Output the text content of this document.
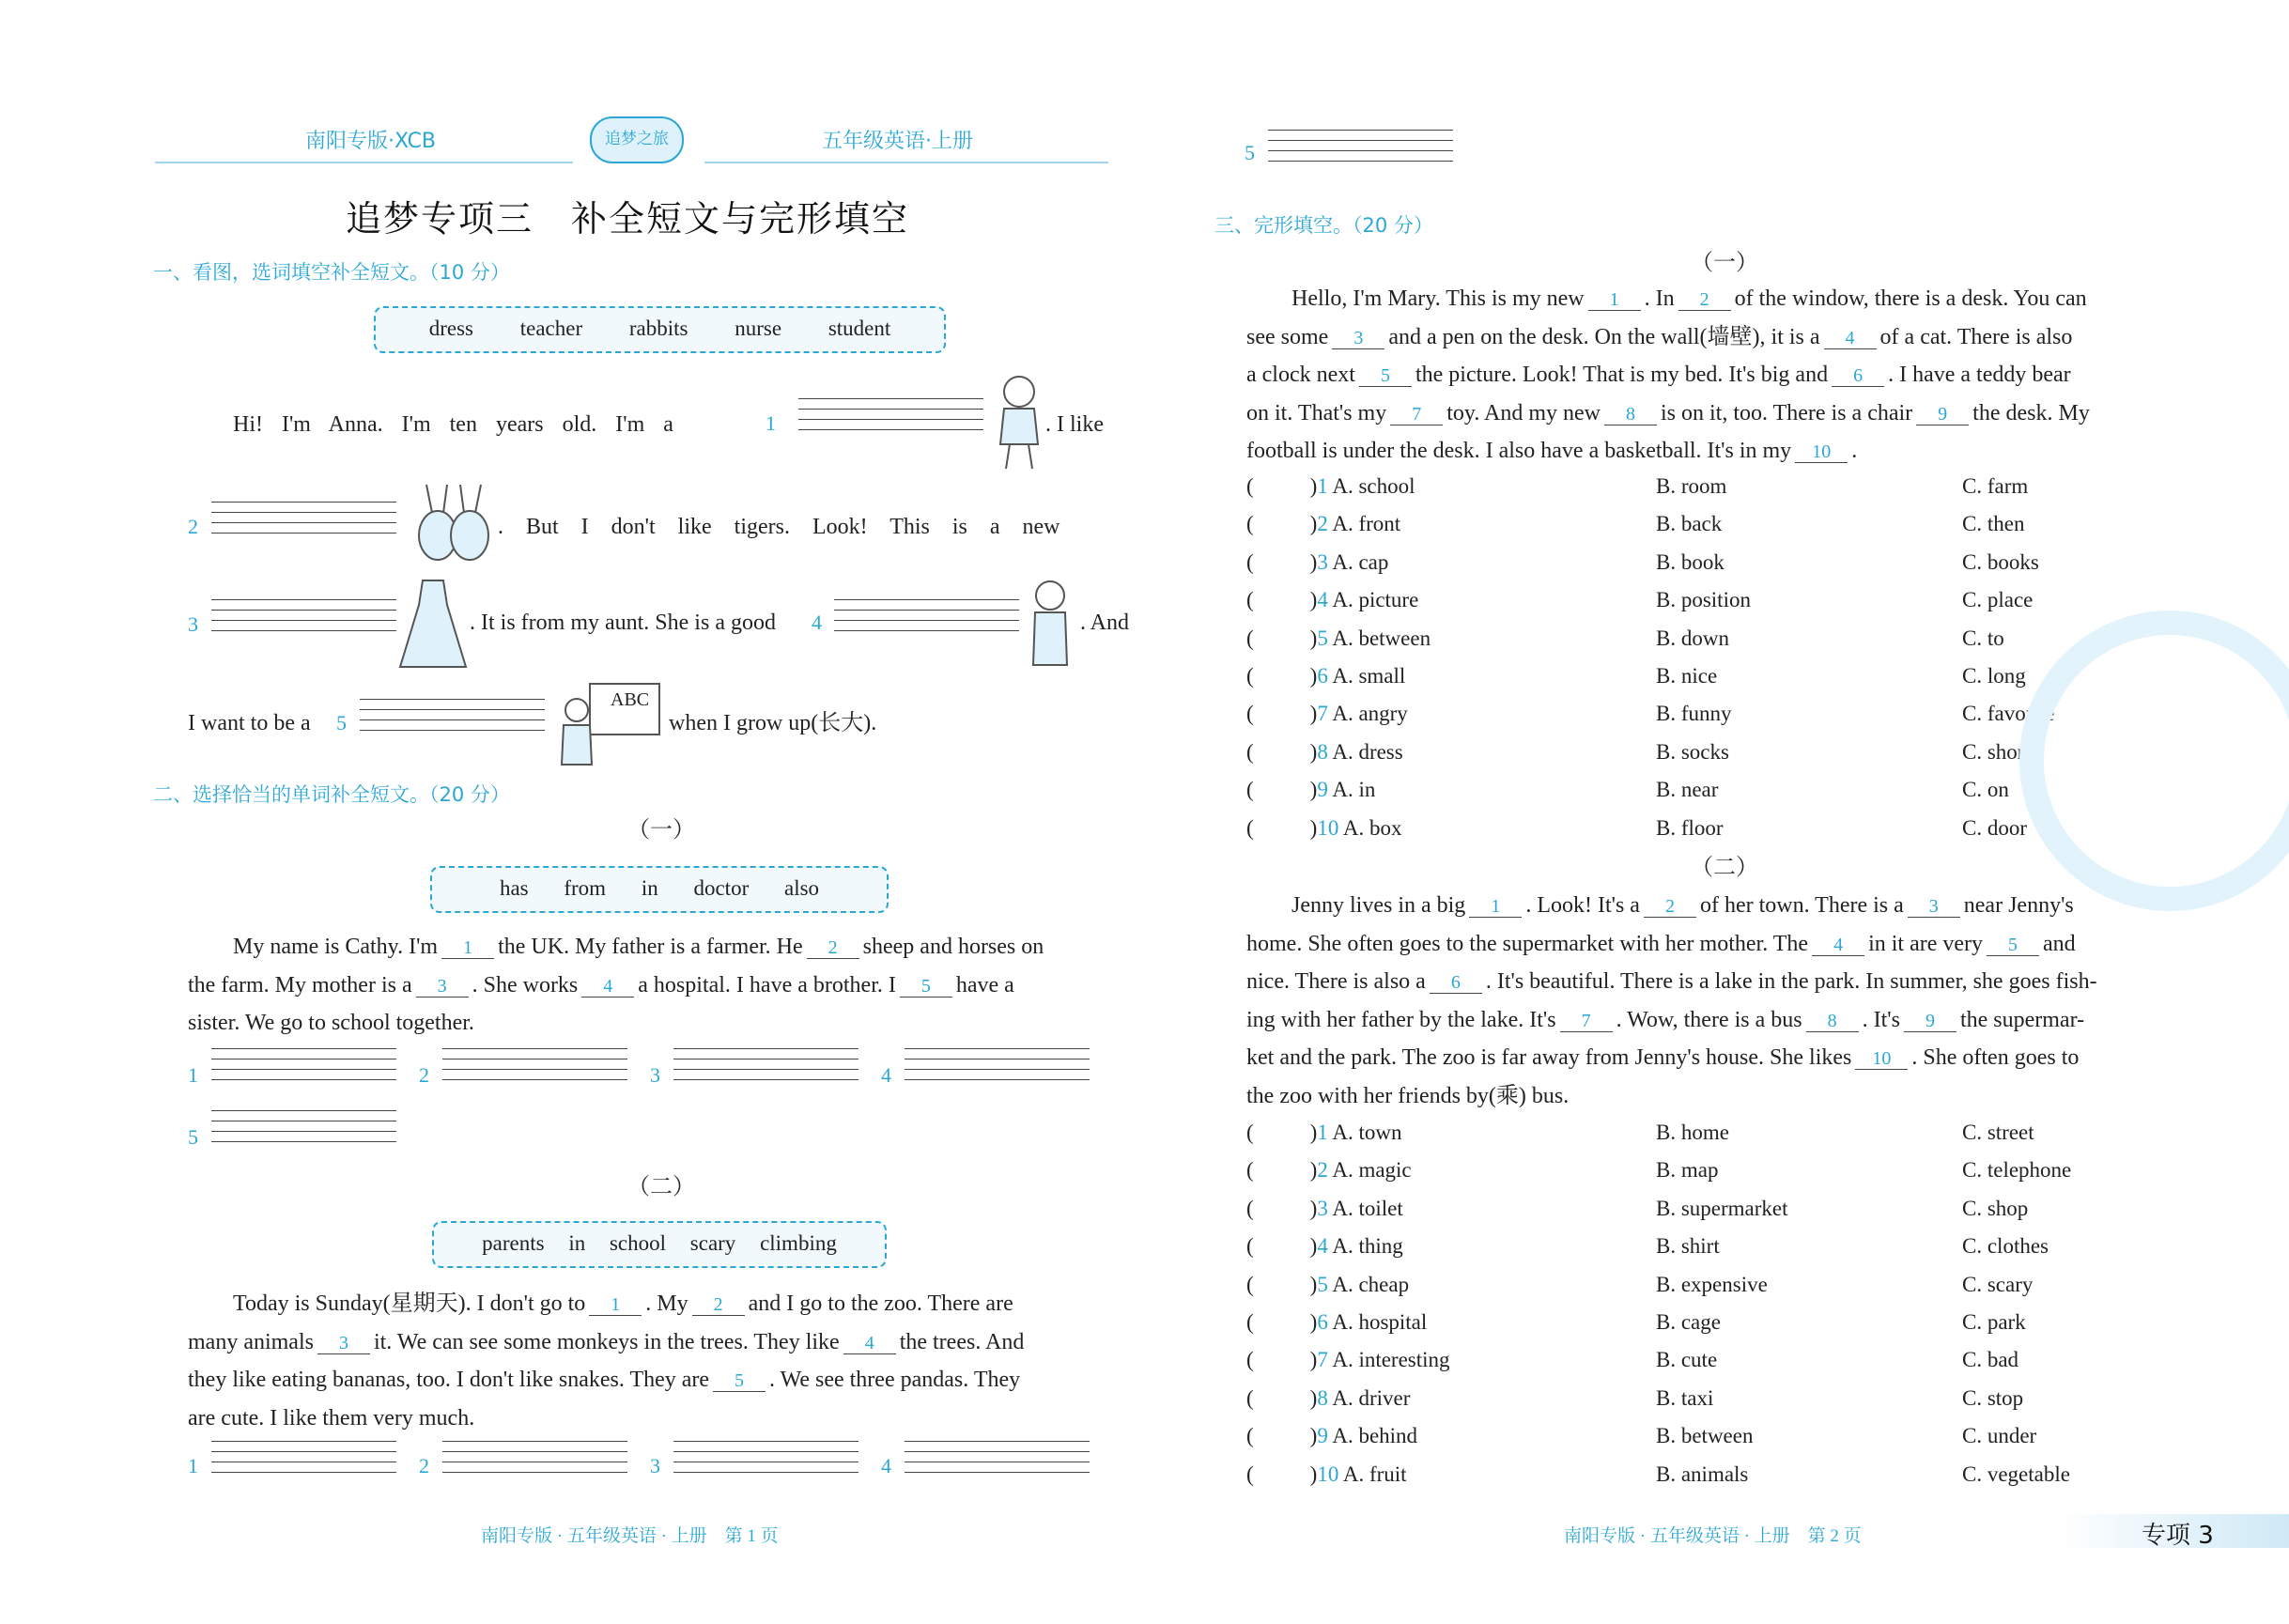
南阳专版·XCB	追梦之旅	五年级英语·上册
追梦专项三　补全短文与完形填空
一、看图，选词填空补全短文。（10 分）
dress teacher rabbits nurse student
Hi! I'm Anna. I'm ten years old. I'm a	1	. I like
2	. But I don't like tigers. Look! This is a new
3	. It is from my aunt. She is a good 4	. And
I want to be a 5
ABC
when I grow up(长大).
二、选择恰当的单词补全短文。（20 分）
（一）
has from in doctor also
My name is Cathy. I'm 1 the UK. My father is a farmer. He 2 sheep and horses on
the farm. My mother is a 3 . She works 4 a hospital. I have a brother. I 5 have a
sister. We go to school together.
1	2	3	4
5
（二）
parents in school scary climbing
Today is Sunday(星期天). I don't go to 1 . My 2 and I go to the zoo. There are
many animals 3 it. We can see some monkeys in the trees. They like 4 the trees. And
they like eating bananas, too. I don't like snakes. They are 5 . We see three pandas. They
are cute. I like them very much.
1	2	3	4
南阳专版 · 五年级英语 · 上册　第 1 页
5
三、完形填空。（20 分）
（一）
Hello, I'm Mary. This is my new 1 . In 2 of the window, there is a desk. You can
see some 3 and a pen on the desk. On the wall(墙壁), it is a 4 of a cat. There is also
a clock next 5 the picture. Look! That is my bed. It's big and 6 . I have a teddy bear
on it. That's my 7 toy. And my new 8 is on it, too. There is a chair 9 the desk. My
football is under the desk. I also have a basketball. It's in my 10 .
(	)1 A. school	B. room	C. farm
(	)2 A. front	B. back	C. then
(	)3 A. cap	B. book	C. books
(	)4 A. picture	B. position	C. place
(	)5 A. between	B. down	C. to
(	)6 A. small	B. nice	C. long
(	)7 A. angry	B. funny	C. favorite
(	)8 A. dress	B. socks	C. shorts
(	)9 A. in	B. near	C. on
(	)10 A. box	B. floor	C. door
（二）
Jenny lives in a big 1 . Look! It's a 2 of her town. There is a 3 near Jenny's
home. She often goes to the supermarket with her mother. The 4 in it are very 5 and
nice. There is also a 6 . It's beautiful. There is a lake in the park. In summer, she goes fish-
ing with her father by the lake. It's 7 . Wow, there is a bus 8 . It's 9 the supermar-
ket and the park. The zoo is far away from Jenny's house. She likes 10 . She often goes to
the zoo with her friends by(乘) bus.
(	)1 A. town	B. home	C. street
(	)2 A. magic	B. map	C. telephone
(	)3 A. toilet	B. supermarket	C. shop
(	)4 A. thing	B. shirt	C. clothes
(	)5 A. cheap	B. expensive	C. scary
(	)6 A. hospital	B. cage	C. park
(	)7 A. interesting	B. cute	C. bad
(	)8 A. driver	B. taxi	C. stop
(	)9 A. behind	B. between	C. under
(	)10 A. fruit	B. animals	C. vegetable
南阳专版 · 五年级英语 · 上册　第 2 页	专项 3
